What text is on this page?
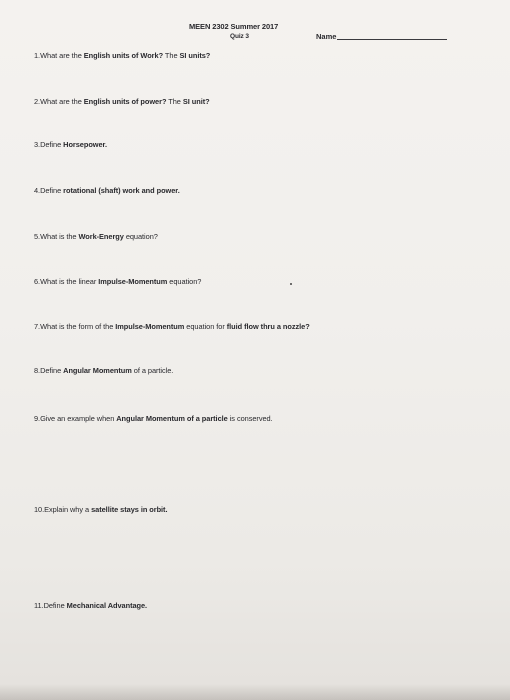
MEEN 2302 Summer 2017
Quiz 3	Name
1.What are the English units of Work? The SI units?
2.What are the English units of power? The SI unit?
3.Define Horsepower.
4.Define rotational (shaft) work and power.
5.What is the Work-Energy equation?
6.What is the linear Impulse-Momentum equation?
7.What is the form of the Impulse-Momentum equation for fluid flow thru a nozzle?
8.Define Angular Momentum of a particle.
9.Give an example when Angular Momentum of a particle is conserved.
10.Explain why a satellite stays in orbit.
11.Define Mechanical Advantage.
